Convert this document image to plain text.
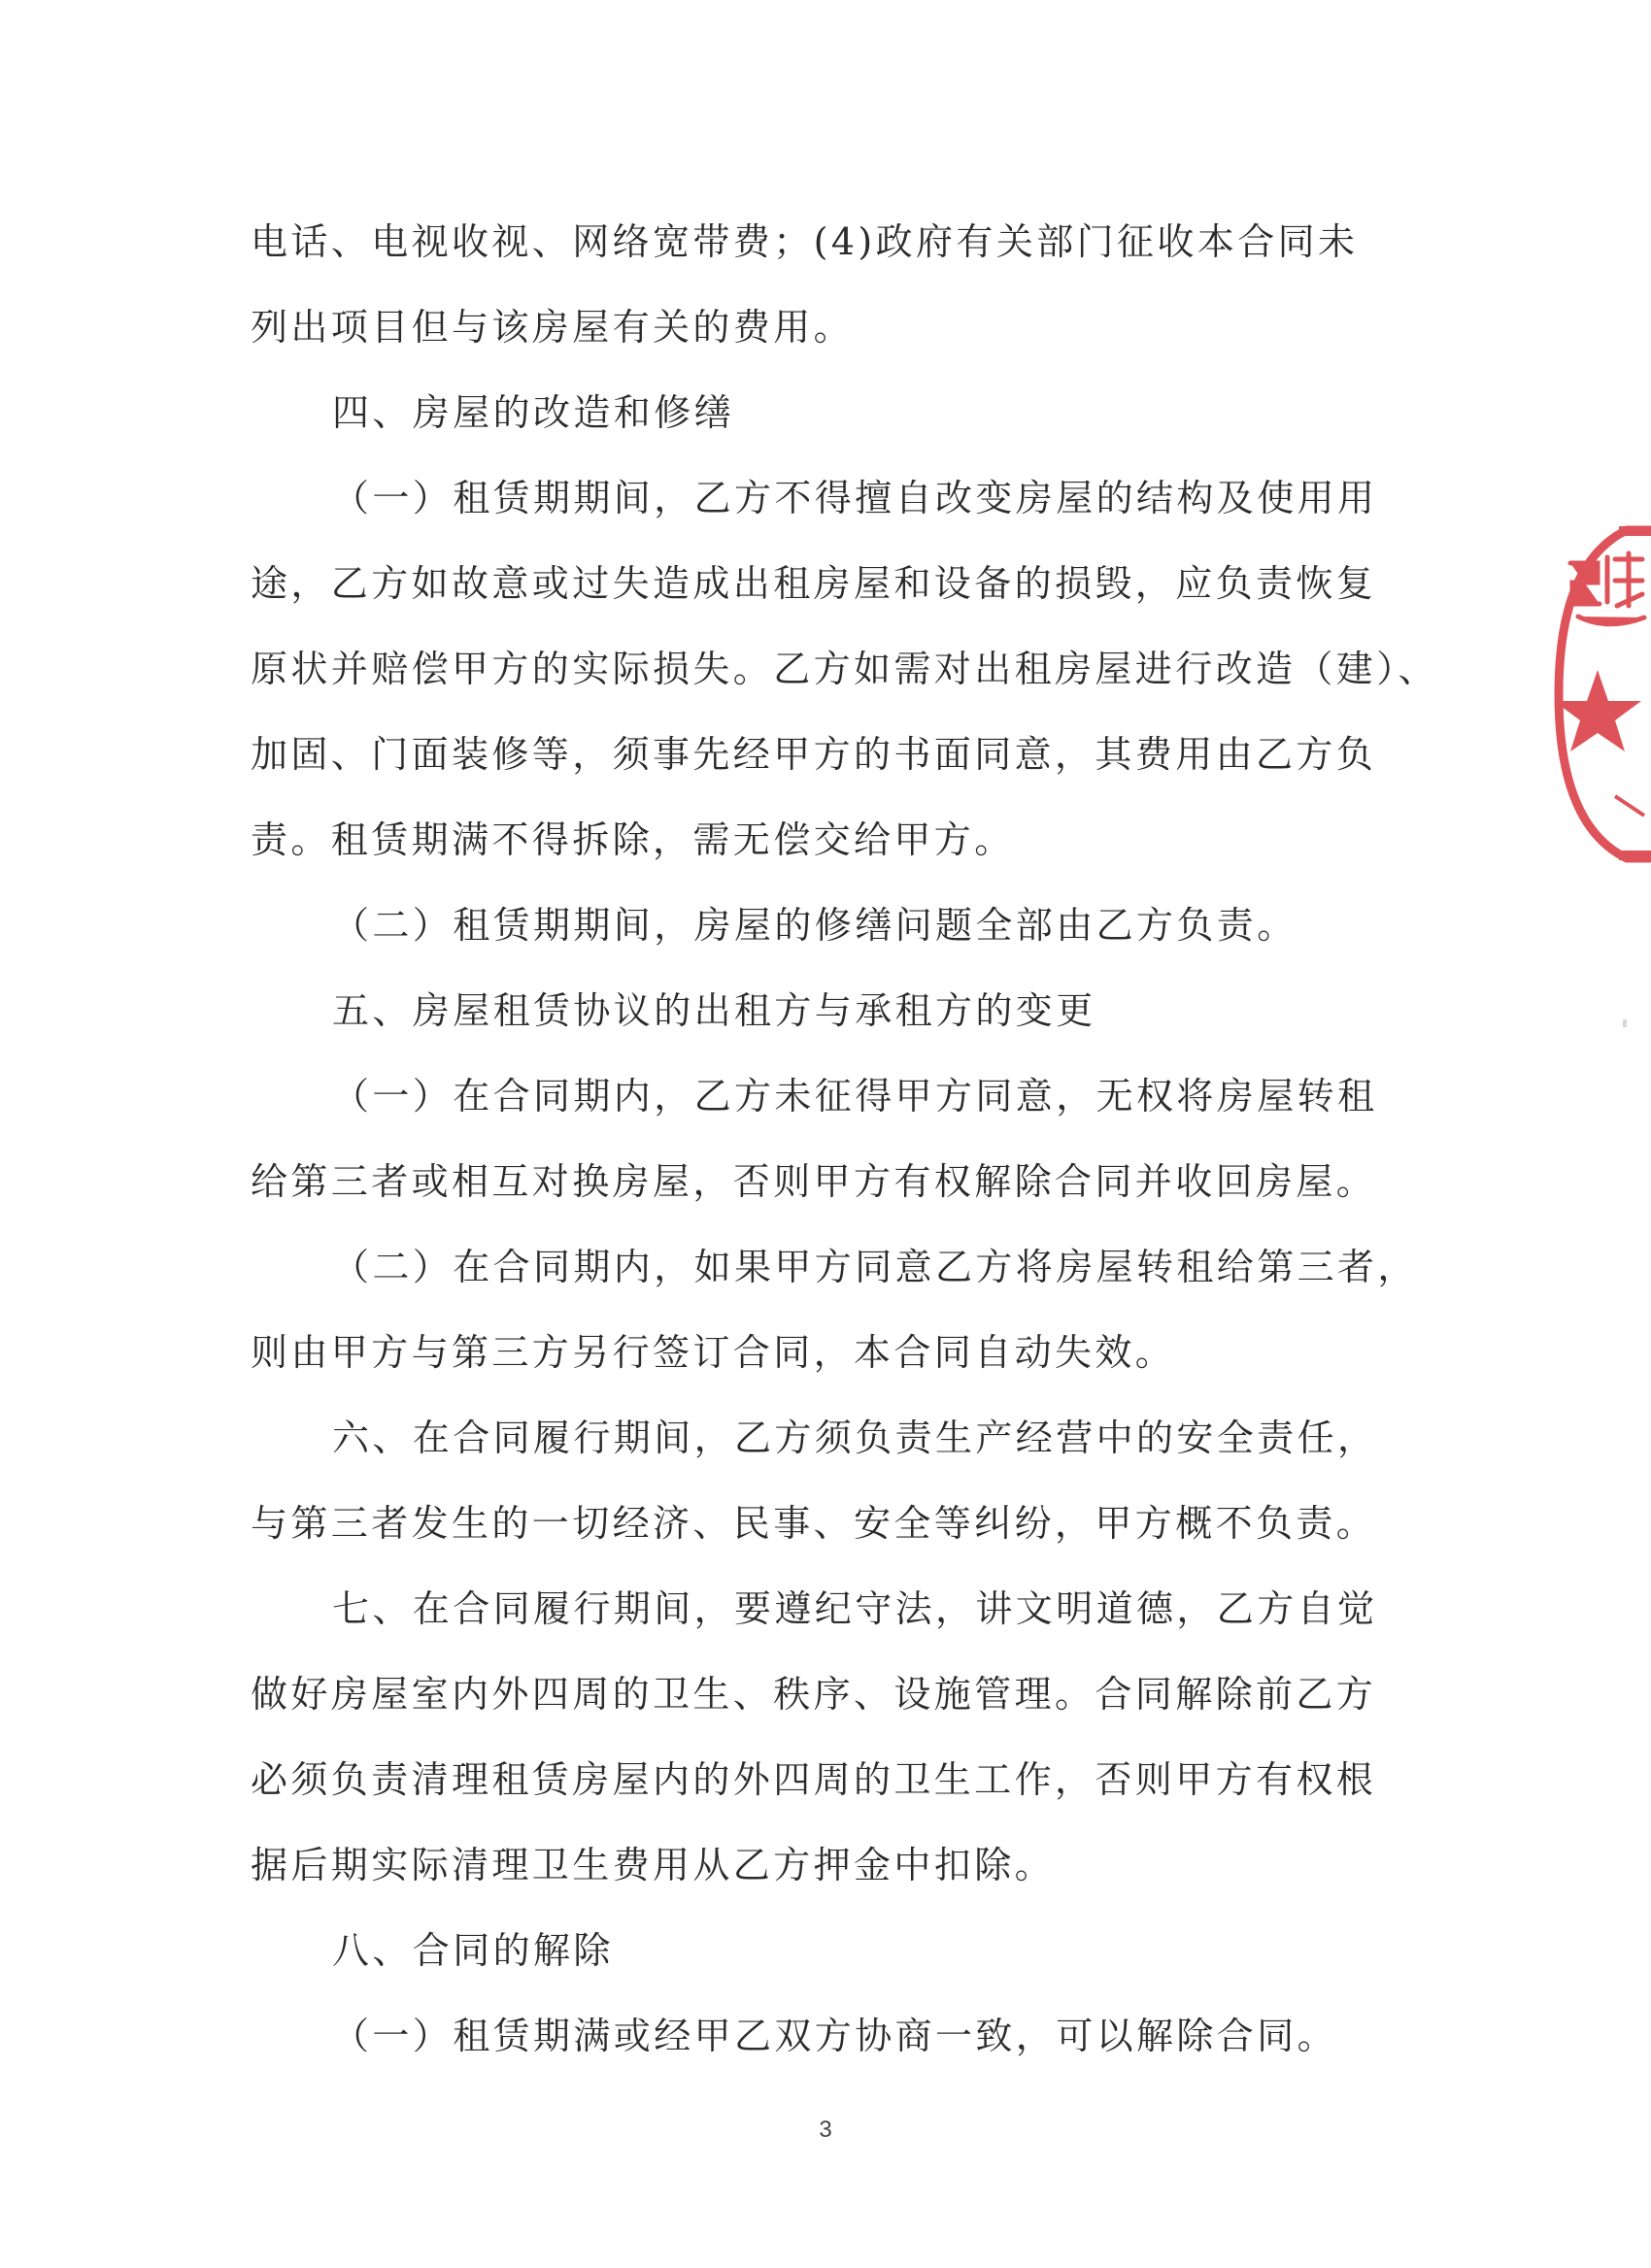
电话、电视收视、网络宽带费；(4)政府有关部门征收本合同未
列出项目但与该房屋有关的费用。
四、房屋的改造和修缮
（一）租赁期期间，乙方不得擅自改变房屋的结构及使用用
途，乙方如故意或过失造成出租房屋和设备的损毁，应负责恢复
原状并赔偿甲方的实际损失。乙方如需对出租房屋进行改造（建）、
加固、门面装修等，须事先经甲方的书面同意，其费用由乙方负
责。租赁期满不得拆除，需无偿交给甲方。
（二）租赁期期间，房屋的修缮问题全部由乙方负责。
五、房屋租赁协议的出租方与承租方的变更
（一）在合同期内，乙方未征得甲方同意，无权将房屋转租
给第三者或相互对换房屋，否则甲方有权解除合同并收回房屋。
（二）在合同期内，如果甲方同意乙方将房屋转租给第三者，
则由甲方与第三方另行签订合同，本合同自动失效。
六、在合同履行期间，乙方须负责生产经营中的安全责任，
与第三者发生的一切经济、民事、安全等纠纷，甲方概不负责。
七、在合同履行期间，要遵纪守法，讲文明道德，乙方自觉
做好房屋室内外四周的卫生、秩序、设施管理。合同解除前乙方
必须负责清理租赁房屋内的外四周的卫生工作，否则甲方有权根
据后期实际清理卫生费用从乙方押金中扣除。
八、合同的解除
（一）租赁期满或经甲乙双方协商一致，可以解除合同。
3
